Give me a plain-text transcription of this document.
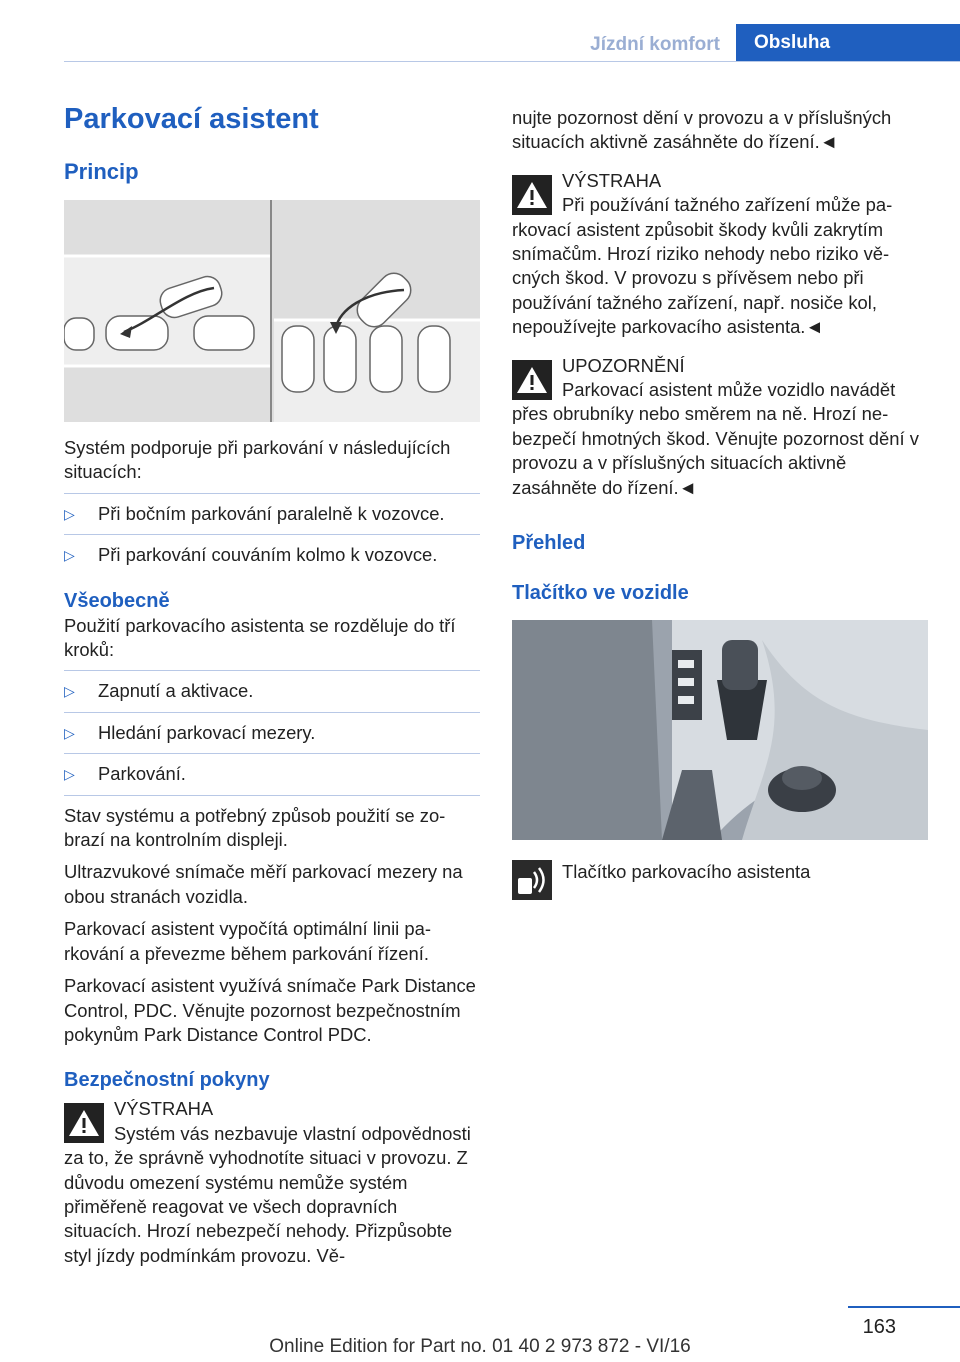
Jízdní komfort	Obsluha
Parkovací asistent
Princip

Systém podporuje při parkování v následujících situacích:

▷ Při bočním parkování paralelně k vozovce.
▷ Při parkování couváním kolmo k vozovce.
Všeobecně

Použití parkovacího asistenta se rozděluje do tří kroků:

▷ Zapnutí a aktivace.
▷ Hledání parkovací mezery.
▷ Parkování.

Stav systému a potřebný způsob použití se zobrazí na kontrolním displeji.

Ultrazvukové snímače měří parkovací mezery na obou stranách vozidla.

Parkovací asistent vypočítá optimální linii parkování a převezme během parkování řízení.

Parkovací asistent využívá snímače Park Distance Control, PDC. Věnujte pozornost bezpečnostním pokynům Park Distance Control PDC.

Bezpečnostní pokyny
VÝSTRAHA
Systém vás nezbavuje vlastní odpovědnosti za to, že správně vyhodnotíte situaci v provozu. Z důvodu omezení systému nemůže systém přiměřeně reagovat ve všech dopravních situacích. Hrozí nebezpečí nehody. Přizpůsobte styl jízdy podmínkám provozu. Vě-

nujte pozornost dění v provozu a v příslušných situacích aktivně zasáhněte do řízení.◄

VÝSTRAHA
Při používání tažného zařízení může parkovací asistent způsobit škody kvůli zakrytím snímačům. Hrozí riziko nehody nebo riziko věcných škod. V provozu s přívěsem nebo při používání tažného zařízení, např. nosiče kol, nepoužívejte parkovacího asistenta.◄
UPOZORNĚNÍ
Parkovací asistent může vozidlo navádět přes obrubníky nebo směrem na ně. Hrozí nebezpečí hmotných škod. Věnujte pozornost dění v provozu a v příslušných situacích aktivně zasáhněte do řízení.◄
Přehled
Tlačítko ve vozidle
Tlačítko parkovacího asistenta
163
Online Edition for Part no. 01 40 2 973 872 - VI/16
